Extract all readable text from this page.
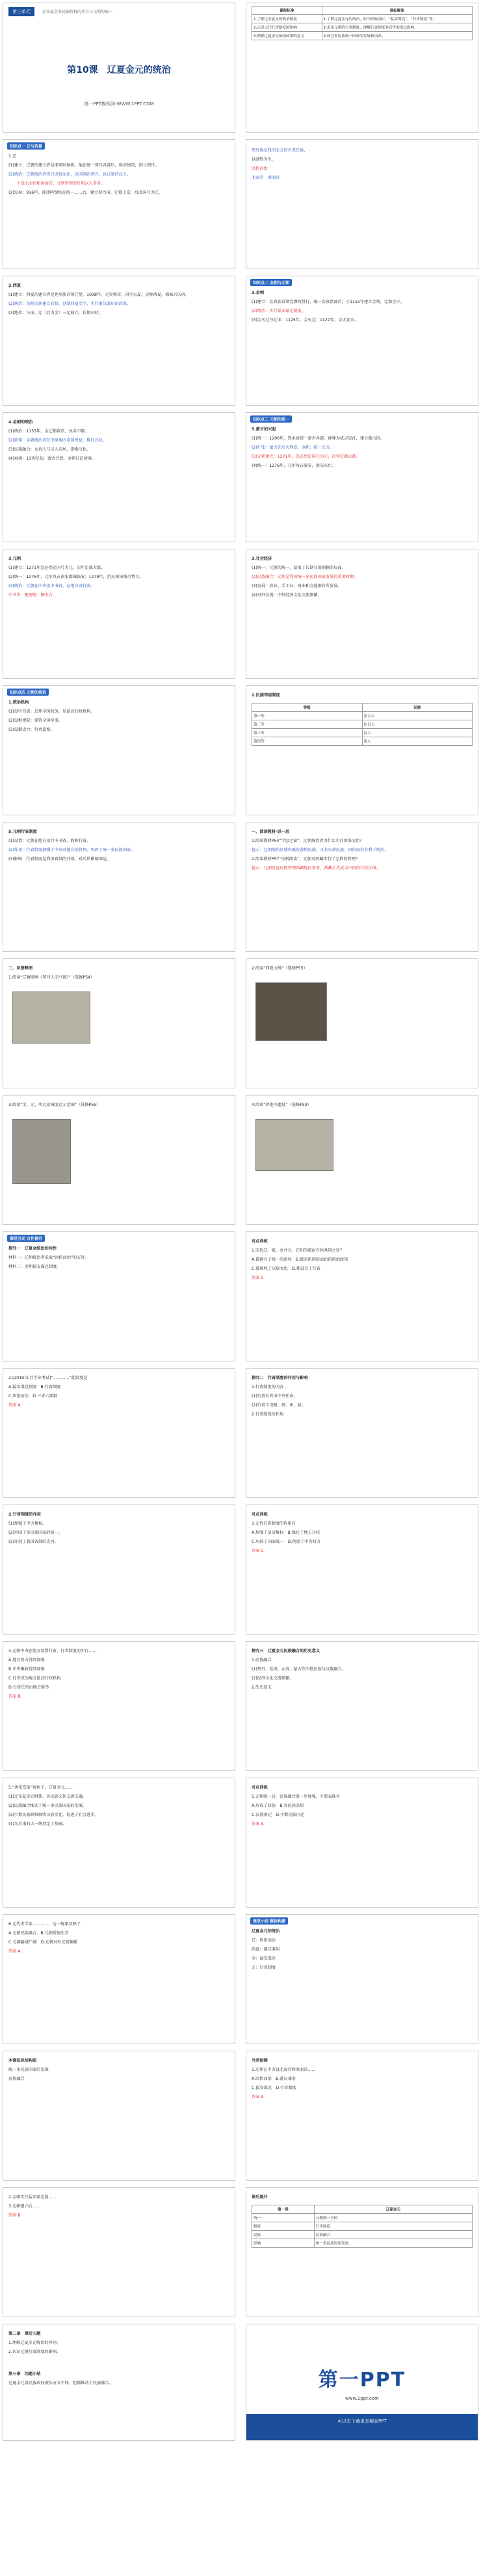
第三单元	辽宋夏金多民族政权的并立与元朝的统一
第10课　辽夏金元的统治
第一PPT模板网-WWW.1PPT.COM
课程标准	课标解读
1.了解辽金夏元的政治制度	1.了解辽夏金元的统治，如“因俗而治”、“猛安谋克”、“行省制度”等。
2.认识元代行省制度的影响	2.说出元朝的行省制度，理解行省制度对后世的深远影响。
3.理解辽夏金元统治政策的意义	3.体会多民族统一国家的发展和巩固。
知识点一 辽与西夏
1.辽
(1)建立：辽朝的建立者是耶律阿保机，他在统一契丹各部后，称帝建国，国号契丹。
(2)统治：辽朝统治者实行因俗而治，以国制治契丹，以汉制待汉人。
　　下设北面官和南面官，分别管理契丹和汉人事务。
(2)发展：916年，耶律阿保机在统一……后，建立契丹国，定都上京，后改国号为辽。
契丹族是我国北方的古老民族，
以游牧为生，
因俗而治
北面官　南面官
2.西夏
(1)建立：西夏的建立者是党项族首领元昊。1038年，元昊称帝，国号大夏，史称西夏，都城兴庆府。
(2)统治：仿照宋朝建立官制，创制西夏文字，实行蕃汉兼用的政策。
(3)地位：与宋、辽（后为金）三足鼎立，长期对峙。
知识点二 金朝与元朝
3.金朝
(1)建立：女真族首领完颜阿骨打，统一女真诸部后，于1115年建立金朝，定都会宁。
(2)统治：实行猛安谋克制度。
(3)金灭辽与北宋：1125年，金灭辽；1127年，金灭北宋。
4.金朝的统治
(1)统治：1153年，金迁都燕京，改名中都。
(2)政策：金朝统治者在中原地区设置州县，推行汉化。
(3)民族融合：女真人与汉人杂居，逐渐汉化。
(4)衰落：13世纪初，蒙古兴起，金朝日趋衰落。
知识点三 元朝的统一
5.蒙古的兴起
(1)统一：1206年，铁木真统一蒙古各部，被尊为成吉思汗，建立蒙古国。
(2)扩张：蒙古先后灭西夏、金朝，统一北方。
(3)元朝建立：1271年，忽必烈定国号为元，次年定都大都。
(4)统一：1276年，元军攻占临安，南宋灭亡。
3.元朝
(1)建立：1271年忽必烈定国号为元，次年定都大都。
(2)统一：1276年，元军攻占南宋都城临安；1279年，消灭南宋残余势力。
(3)统治：元朝在中央设中书省，在地方设行省。
中书省　枢密院　御史台
3.社会经济
(1)统一：元朝的统一，结束了长期分裂割据的局面。
(2)民族融合：元朝是我国统一多民族国家发展的重要时期。
(3)发展：农业、手工业、商业和交通都有所发展。
(4)对外交流：中外经济文化交流频繁。
知识点四 元朝的统治
1.统治机构
(1)设中书省：总理全国政务，是最高行政机构。
(2)设枢密院：掌管全国军事。
(3)设御史台：负责监察。
2.民族等级制度
等级	民族
第一等	蒙古人
第二等	色目人
第三等	汉人
第四等	南人
5.元朝行省制度
(1)设置：元朝在地方设行中书省，简称行省。
(2)作用：行省制度加强了中央对地方的管理，巩固了统一多民族国家。
(3)影响：行省制度是我国省制的开端，对后世影响深远。
一、阅读教材·思一思
1.阅读教材P54“学思之窗”，辽朝统治者为什么实行因俗而治？
提示：辽朝统治区域内既有游牧民族，又有农耕民族，因俗而治有利于统治。
2.阅读教材P57“史料阅读”，元朝对西藏实行了怎样的管理？
提示：元朝设宣政院管理西藏地区事务，西藏正式成为中国的行政区域。
二、识图释图
1.阅读“辽墓壁画《契丹人引马图》”（选修P54）
2.阅读“西夏文碑”（选修P55）
3.阅读“金、元、明北京城变迁示意图”（选修P55）	4.阅读“萨迦寺遗址”（选修P59）
课堂互动 合作探究
探究一　辽夏金统治的共性
材料一：辽朝统治者采取“因俗而治”的方针。
材料二：金朝猛安谋克制度。
对点训练
1.宋代辽、夏、金并立，它们的统治有何共同之处？
A.都建立了统一的政权　B.都采用因俗而治的统治政策
C.都吸收了汉族文化　D.都设立了行省
答案 C
2.(2019·江苏学业考试)“…………”此制度是
A.猛安谋克制度　B.行省制度
C.因俗而治　D.三省六部制
答案 A
探究二　行省制度的作用与影响
1.行省制度的内容
(1)行省长官由中央任命。
(2)行省下设路、府、州、县。
2.行省制度的作用
2.行省制度的作用
(1)加强了中央集权。
(2)巩固了多民族国家的统一。
(3)开创了我国省制的先河。
对点训练
3.元代行省制度的作用有
A.加强了皇帝集权　B.强化了地方分权
C.巩固了国家统一　D.削弱了中央权力
答案 C
4.元朝中央在地方设置行省，行省制度的实行……
A.地方势力得到加强
B.中央集权得到加强
C.行省成为地方最高行政机构
D.行省长官由地方推举
答案 B
探究三　辽夏金元民族融合的历史意义
1.民族融合
(1)契丹、党项、女真、蒙古等少数民族与汉族融合。
(2)经济文化交流频繁。
2.历史意义
5.“唐宋变革”视角下，辽夏金元……
(1)辽宋夏金元时期，各民族交往交流交融。
(2)民族融合推动了统一多民族国家的发展。
(3)少数民族政权吸收汉族文化，促进了社会进步。
(4)为后来的大一统奠定了基础。
对点训练
5.元朝统一后，民族融合进一步加强，主要表现为
A.形成了回族　B.各民族杂居
C.汉族南迁　D.少数民族内迁
答案 A
6.元代史学家…………，这一现象反映了
A.元朝民族融合　B.元朝重视史学
C.元朝疆域广阔　D.元朝对外交流频繁
答案 A
课堂小结 整体构建
辽夏金元的统治
辽：因俗而治
西夏：蕃汉兼用
金：猛安谋克
元：行省制度
本课知识结构图
统一多民族国家的发展
民族融合
当堂检测
1.辽朝在中央设北面官和南面官……
A.因俗而治　B.蕃汉兼用
C.猛安谋克　D.行省制度
答案 A
2.金朝实行猛安谋克制……
3.元朝建立后……
答案 B
课后提升
第一章	辽夏金元
统一	元朝统一全国
制度	行省制度
民族	民族融合
影响	统一多民族国家发展
第二章　课后习题
1.理解辽夏金元统治的异同。
2.认识元朝行省制度的影响。
第三章　问题小结
辽夏金元各民族政权统治方式不同，但都推动了民族融合。	第一PPT
www.1ppt.com
可以去下载更多精品PPT
